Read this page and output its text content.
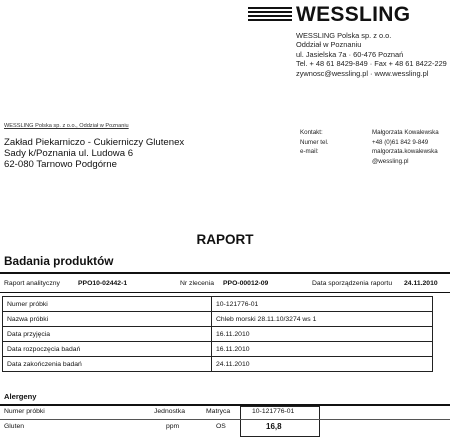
WESSLING
WESSLING Polska sp. z o.o.
Oddział w Poznaniu
ul. Jasielska 7a · 60-476 Poznań
Tel. + 48 61 8429-849 · Fax + 48 61 8422-229
zywnosc@wessling.pl · www.wessling.pl
WESSLING Polska sp. z o.o., Oddział w Poznaniu
Zakład Piekarniczo - Cukierniczy Glutenex
Sady k/Poznania ul. Ludowa 6
62-080 Tarnowo Podgórne
Kontakt:	Małgorzata Kowalewska
Numer tel.	+48 (0)61 842 9-849
e-mail:	malgorzata.kowalewska
@wessling.pl
RAPORT
Badania produktów
Raport analityczny	PPO10-02442-1	Nr zlecenia PPO-00012-09	Data sporządzenia raportu 24.11.2010
Numer próbki	10-121776-01
Nazwa próbki	Chleb morski 28.11.10/3274 ws 1
Data przyjęcia	16.11.2010
Data rozpoczęcia badań	16.11.2010
Data zakończenia badań	24.11.2010
Alergeny
Numer próbki	Jednostka	Matryca	10-121776-01
Gluten	ppm	OS	16,8
